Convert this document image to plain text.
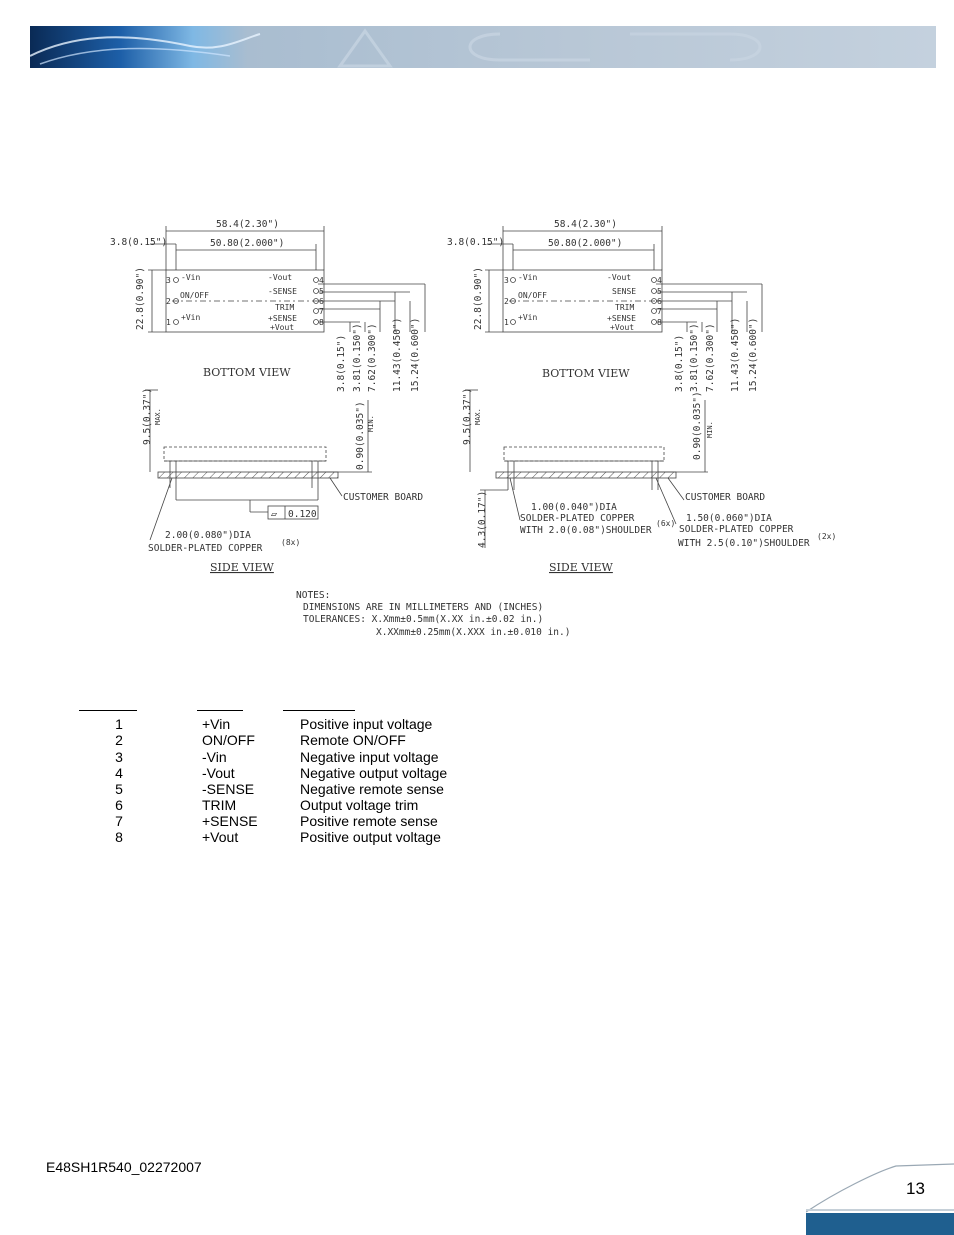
58.4(2.30")
3.8(0.15")	50.80(2.000")
22.8(0.90")	3
2
1
-Vin
ON/OFF
+Vin
4
5
6
7
8
-Vout
-SENSE
TRIM
+SENSE
+Vout
3.8(0.15") 3.81(0.150") 7.62(0.300") 11.43(0.450") 15.24(0.600")
BOTTOM VIEW
9.5(0.37") MAX.	0.90(0.035") MIN.
CUSTOMER BOARD
▱ 0.120
2.00(0.080")DIA
SOLDER-PLATED COPPER
(8x)
SIDE VIEW
58.4(2.30")
3.8(0.15")	50.80(2.000")
22.8(0.90")	3
2
1
-Vin
ON/OFF
+Vin
4
5
6
7
8
-Vout
SENSE
TRIM
+SENSE
+Vout
3.8(0.15") 3.81(0.150") 7.62(0.300") 11.43(0.450") 15.24(0.600")
BOTTOM VIEW
9.5(0.37") MAX.	0.90(0.035") MIN.
4.3(0.17")	1.00(0.040")DIA
SOLDER-PLATED COPPER
WITH 2.0(0.08")SHOULDER
(6x) 1.50(0.060")DIA
SOLDER-PLATED COPPER
WITH 2.5(0.10")SHOULDER
(2x)
CUSTOMER BOARD
SIDE VIEW
NOTES:
DIMENSIONS ARE IN MILLIMETERS AND (INCHES)
TOLERANCES: X.Xmm±0.5mm(X.XX in.±0.02 in.)
X.XXmm±0.25mm(X.XXX in.±0.010 in.)
1	+Vin	Positive input voltage
2	ON/OFF	Remote ON/OFF
3	-Vin	Negative input voltage
4	-Vout	Negative output voltage
5	-SENSE	Negative remote sense
6	TRIM	Output voltage trim
7	+SENSE	Positive remote sense
8	+Vout	Positive output voltage
E48SH1R540_02272007
13
